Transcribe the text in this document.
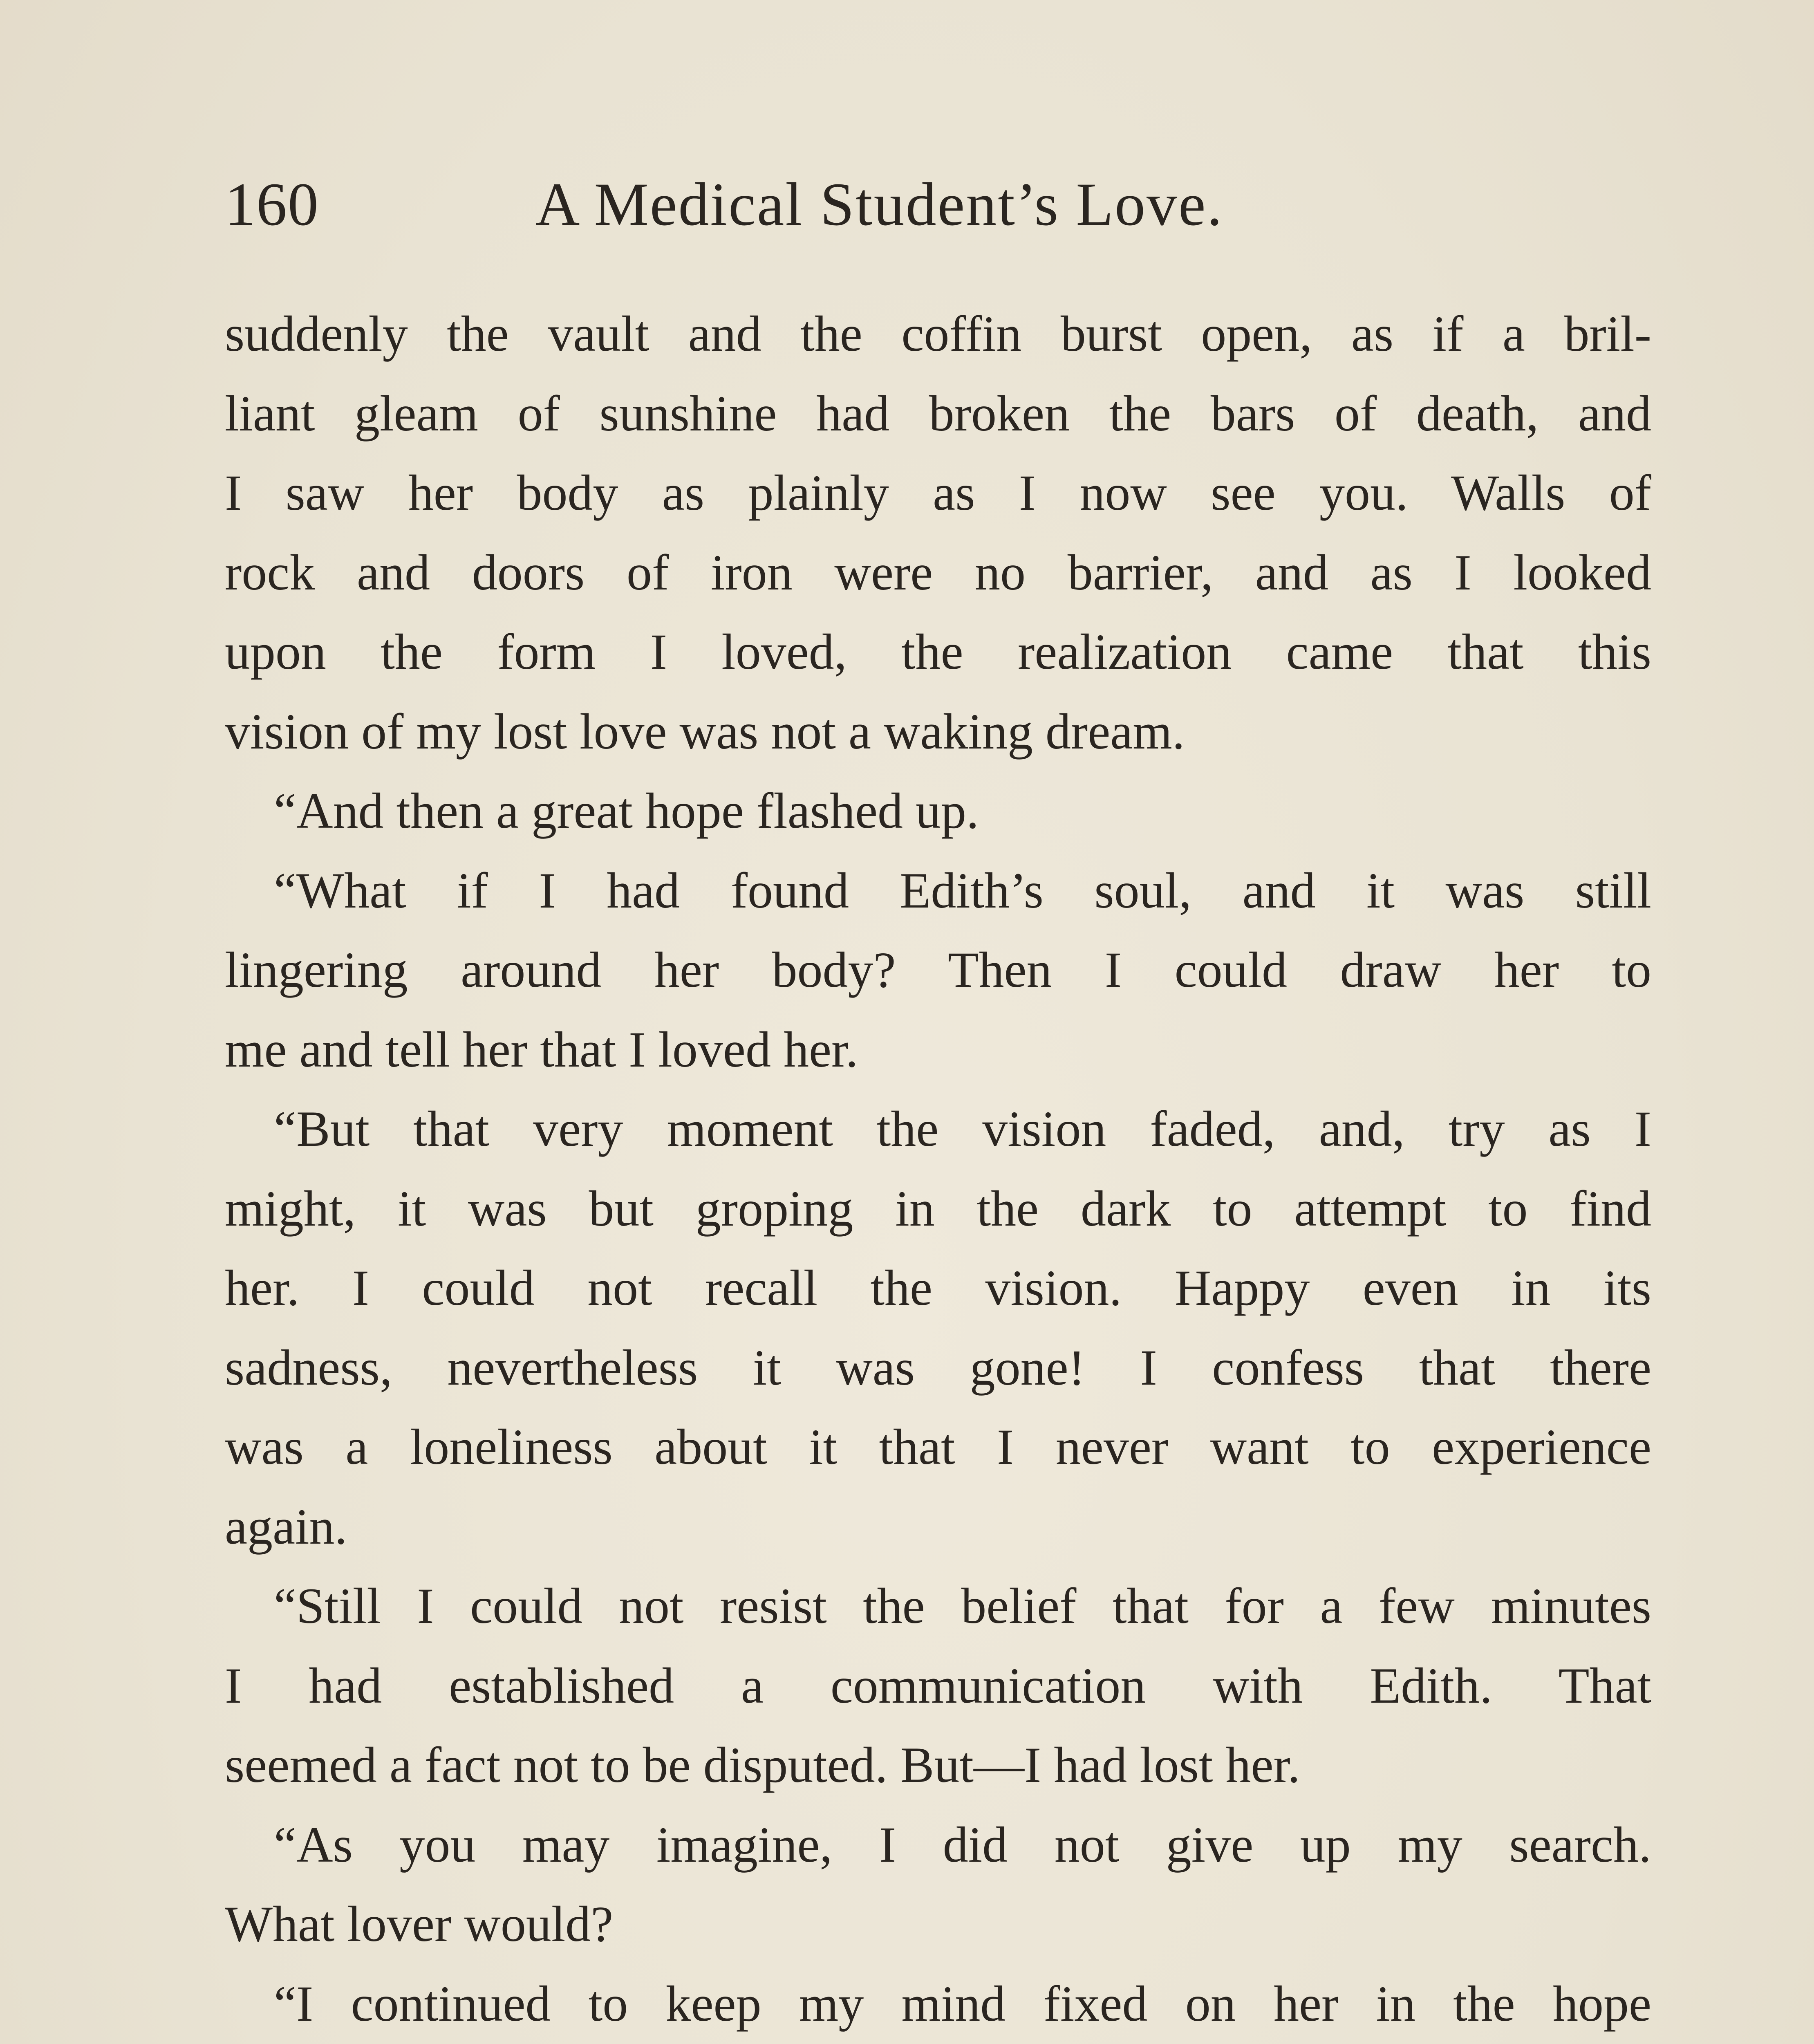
160	A Medical Student’s Love.
suddenly the vault and the coffin burst open, as if a bril-
liant gleam of sunshine had broken the bars of death, and
I saw her body as plainly as I now see you. Walls of
rock and doors of iron were no barrier, and as I looked
upon the form I loved, the realization came that this
vision of my lost love was not a waking dream.
“And then a great hope flashed up.
“What if I had found Edith’s soul, and it was still
lingering around her body? Then I could draw her to
me and tell her that I loved her.
“But that very moment the vision faded, and, try as I
might, it was but groping in the dark to attempt to find
her. I could not recall the vision. Happy even in its
sadness, nevertheless it was gone! I confess that there
was a loneliness about it that I never want to experience
again.
“Still I could not resist the belief that for a few minutes
I had established a communication with Edith. That
seemed a fact not to be disputed. But—I had lost her.
“As you may imagine, I did not give up my search.
What lover would?
“I continued to keep my mind fixed on her in the hope
